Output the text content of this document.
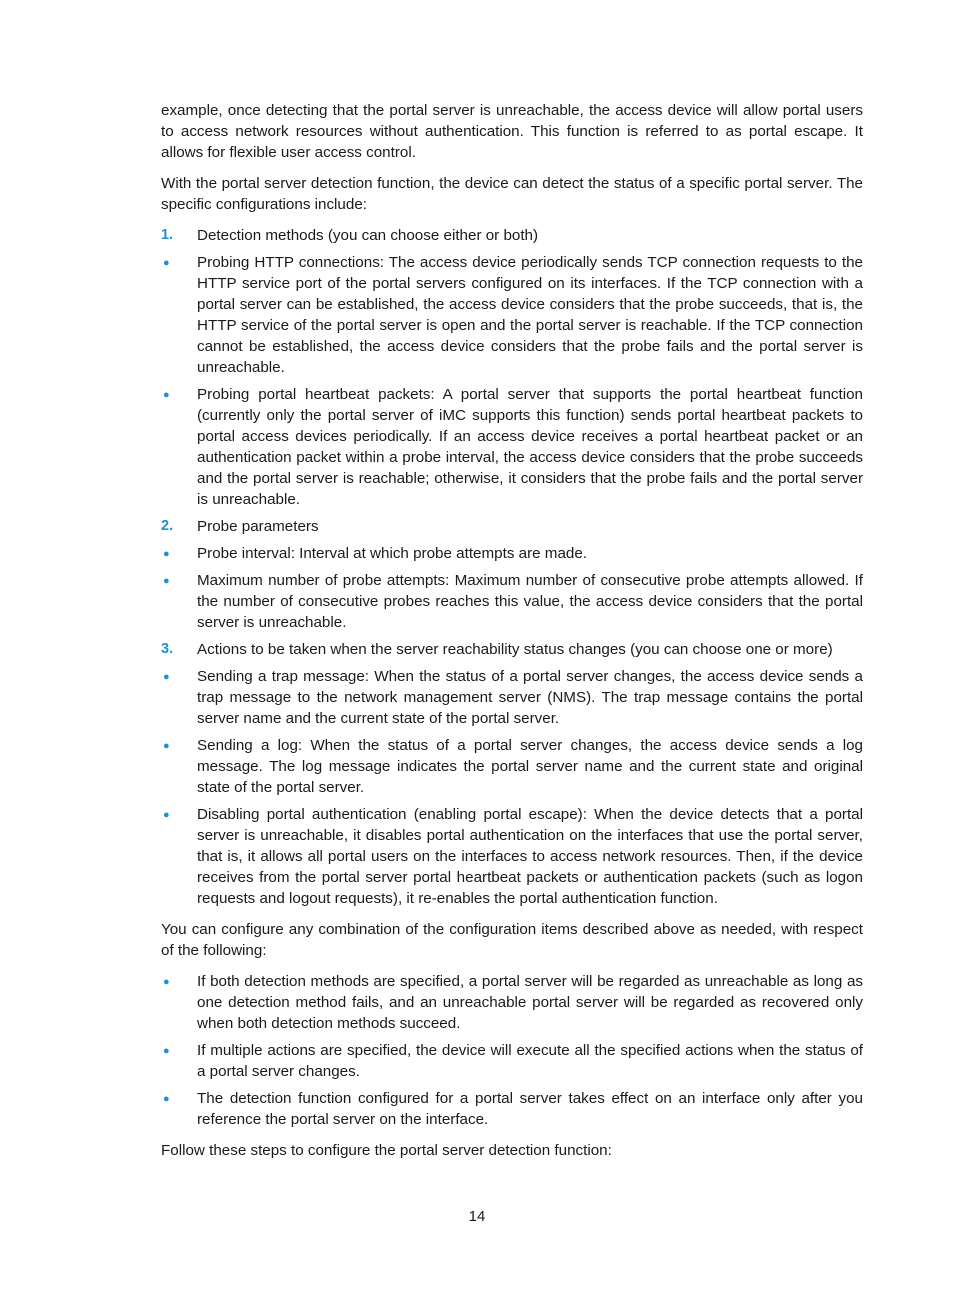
example, once detecting that the portal server is unreachable, the access device will allow portal users to access network resources without authentication. This function is referred to as portal escape. It allows for flexible user access control.

With the portal server detection function, the device can detect the status of a specific portal server. The specific configurations include:

1.	Detection methods (you can choose either or both)
●	Probing HTTP connections: The access device periodically sends TCP connection requests to the HTTP service port of the portal servers configured on its interfaces. If the TCP connection with a portal server can be established, the access device considers that the probe succeeds, that is, the HTTP service of the portal server is open and the portal server is reachable. If the TCP connection cannot be established, the access device considers that the probe fails and the portal server is unreachable.
●	Probing portal heartbeat packets: A portal server that supports the portal heartbeat function (currently only the portal server of iMC supports this function) sends portal heartbeat packets to portal access devices periodically. If an access device receives a portal heartbeat packet or an authentication packet within a probe interval, the access device considers that the probe succeeds and the portal server is reachable; otherwise, it considers that the probe fails and the portal server is unreachable.
2.	Probe parameters
●	Probe interval: Interval at which probe attempts are made.
●	Maximum number of probe attempts: Maximum number of consecutive probe attempts allowed. If the number of consecutive probes reaches this value, the access device considers that the portal server is unreachable.
3.	Actions to be taken when the server reachability status changes (you can choose one or more)
●	Sending a trap message: When the status of a portal server changes, the access device sends a trap message to the network management server (NMS). The trap message contains the portal server name and the current state of the portal server.
●	Sending a log: When the status of a portal server changes, the access device sends a log message. The log message indicates the portal server name and the current state and original state of the portal server.
●	Disabling portal authentication (enabling portal escape): When the device detects that a portal server is unreachable, it disables portal authentication on the interfaces that use the portal server, that is, it allows all portal users on the interfaces to access network resources. Then, if the device receives from the portal server portal heartbeat packets or authentication packets (such as logon requests and logout requests), it re-enables the portal authentication function.

You can configure any combination of the configuration items described above as needed, with respect of the following:

●	If both detection methods are specified, a portal server will be regarded as unreachable as long as one detection method fails, and an unreachable portal server will be regarded as recovered only when both detection methods succeed.
●	If multiple actions are specified, the device will execute all the specified actions when the status of a portal server changes.
●	The detection function configured for a portal server takes effect on an interface only after you reference the portal server on the interface.

Follow these steps to configure the portal server detection function:

14
